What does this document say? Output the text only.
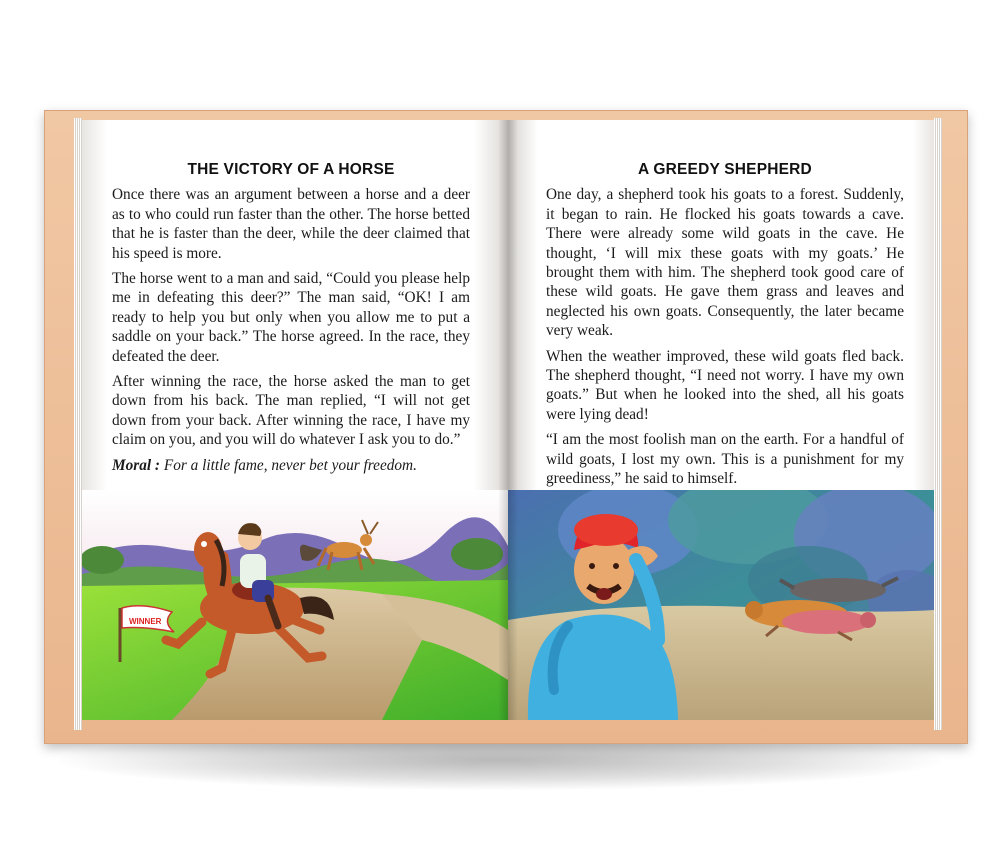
THE VICTORY OF A HORSE

Once there was an argument between a horse and a deer as to who could run faster than the other. The horse betted that he is faster than the deer, while the deer claimed that his speed is more.

The horse went to a man and said, “Could you please help me in defeating this deer?” The man said, “OK! I am ready to help you but only when you allow me to put a saddle on your back.” The horse agreed. In the race, they defeated the deer.

After winning the race, the horse asked the man to get down from his back. The man replied, “I will not get down from your back. After winning the race, I have my claim on you, and you will do whatever I ask you to do.”

Moral : For a little fame, never bet your freedom.

WINNER
A GREEDY SHEPHERD

One day, a shepherd took his goats to a forest. Suddenly, it began to rain. He flocked his goats towards a cave. There were already some wild goats in the cave. He thought, ‘I will mix these goats with my goats.’ He brought them with him. The shepherd took good care of these wild goats. He gave them grass and leaves and neglected his own goats. Consequently, the later became very weak.

When the weather improved, these wild goats fled back. The shepherd thought, “I need not worry. I have my own goats.” But when he looked into the shed, all his goats were lying dead!

“I am the most foolish man on the earth. For a handful of wild goats, I lost my own. This is a punishment for my greediness,” he said to himself.
